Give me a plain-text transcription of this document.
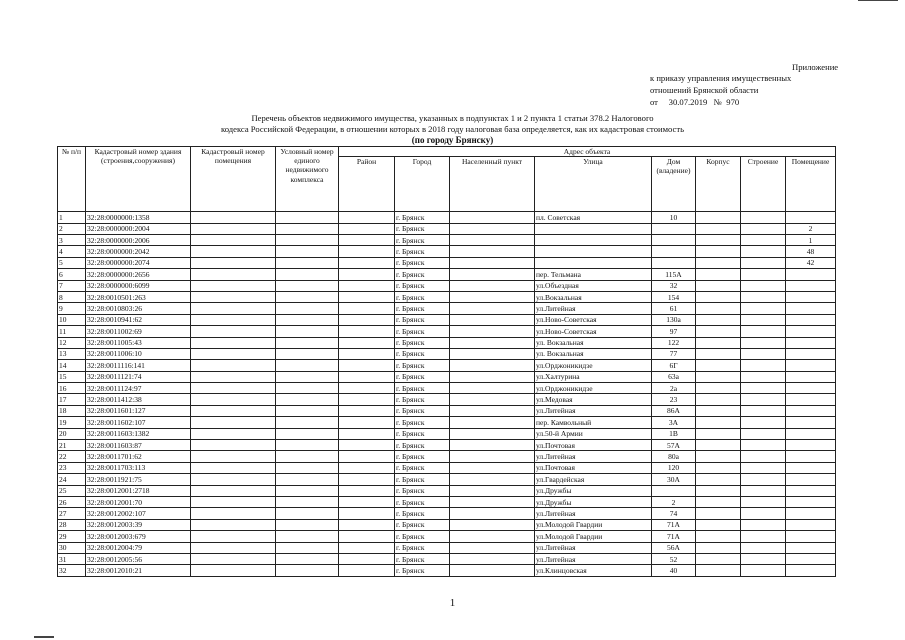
Приложение
к приказу управления имущественных
отношений Брянской области
от     30.07.2019   №  970
Перечень объектов недвижимого имущества, указанных в подпунктах 1 и 2 пункта 1 статьи 378.2 Налогового
кодекса Российской Федерации, в отношении которых в 2018 году налоговая база определяется, как их кадастровая стоимость
(по городу Брянску)
№ п/п	Кадастровый номер здания (строения,сооружения)	Кадастровый номер помещения	Условный номер единого недвижимого комплекса	Адрес объекта							
				Район	Город	Населенный пункт	Улица	Дом (владение)	Корпус	Строение	Помещение
1	32:28:0000000:1358				г. Брянск		пл. Советская	10			
2	32:28:0000000:2004				г. Брянск						2
3	32:28:0000000:2006				г. Брянск						1
4	32:28:0000000:2042				г. Брянск						48
5	32:28:0000000:2074				г. Брянск						42
6	32:28:0000000:2656				г. Брянск		пер. Тельмана	115А			
7	32:28:0000000:6099				г. Брянск		ул.Объездная	32			
8	32:28:0010501:263				г. Брянск		ул.Вокзальная	154			
9	32:28:0010803:26				г. Брянск		ул.Литейная	61			
10	32:28:0010941:62				г. Брянск		ул.Ново-Советская	130а			
11	32:28:0011002:69				г. Брянск		ул.Ново-Советская	97			
12	32:28:0011005:43				г. Брянск		ул. Вокзальная	122			
13	32:28:0011006:10				г. Брянск		ул. Вокзальная	77			
14	32:28:0011116:141				г. Брянск		ул.Орджоникидзе	6Г			
15	32:28:0011121:74				г. Брянск		ул.Халтурина	63а			
16	32:28:0011124:97				г. Брянск		ул.Орджоникидзе	2а			
17	32:28:0011412:38				г. Брянск		ул.Медовая	23			
18	32:28:0011601:127				г. Брянск		ул.Литейная	86А			
19	32:28:0011602:107				г. Брянск		пер. Камвольный	3А			
20	32:28:0011603:1382				г. Брянск		ул.50-й Армии	1В			
21	32:28:0011603:87				г. Брянск		ул.Почтовая	57А			
22	32:28:0011701:62				г. Брянск		ул.Литейная	80а			
23	32:28:0011703:113				г. Брянск		ул.Почтовая	120			
24	32:28:0011921:75				г. Брянск		ул.Гвардейская	30А			
25	32:28:0012001:2718				г. Брянск		ул.Дружбы				
26	32:28:0012001:70				г. Брянск		ул.Дружбы	2			
27	32:28:0012002:107				г. Брянск		ул.Литейная	74			
28	32:28:0012003:39				г. Брянск		ул.Молодой Гвардии	71А			
29	32:28:0012003:679				г. Брянск		ул.Молодой Гвардии	71А			
30	32:28:0012004:79				г. Брянск		ул.Литейная	56А			
31	32:28:0012005:56				г. Брянск		ул.Литейная	52			
32	32:28:0012010:21				г. Брянск		ул.Клинцовская	40			
1
